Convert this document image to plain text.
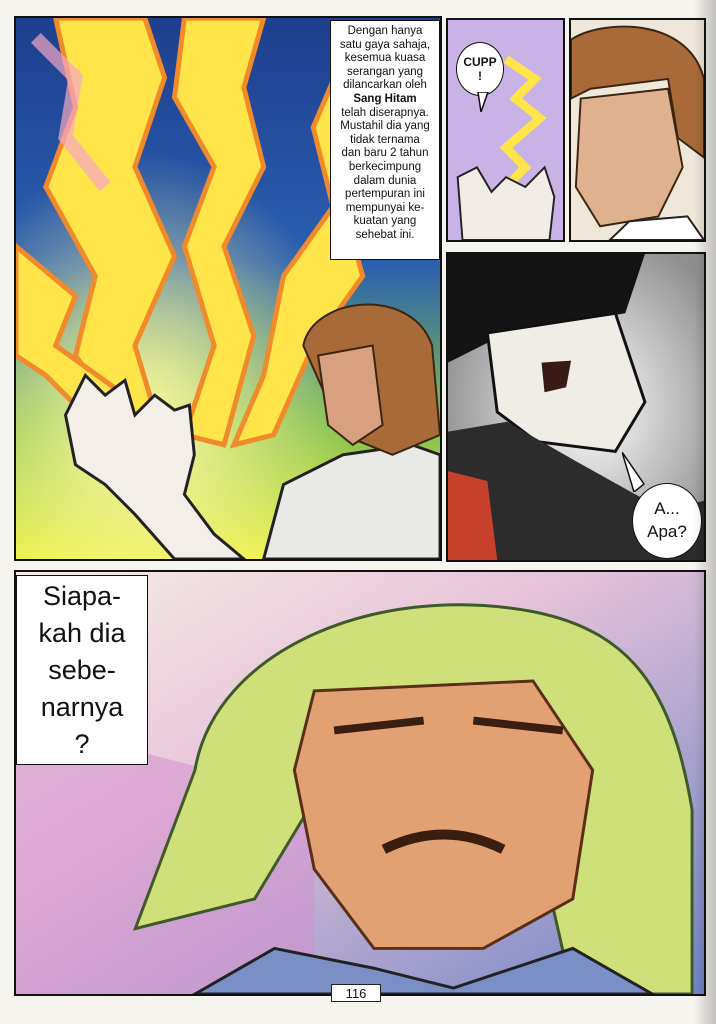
Dengan hanya
satu gaya sahaja,
kesemua kuasa
serangan yang
dilancarkan oleh
Sang Hitam
telah diserapnya.
Mustahil dia yang
tidak ternama
dan baru 2 tahun
berkecimpung
dalam dunia
pertempuran ini
mempunyai ke-
kuatan yang
sehebat ini.
CUPP
!
A...
Apa?
Siapa-
kah dia
sebe-
narnya
?
116
